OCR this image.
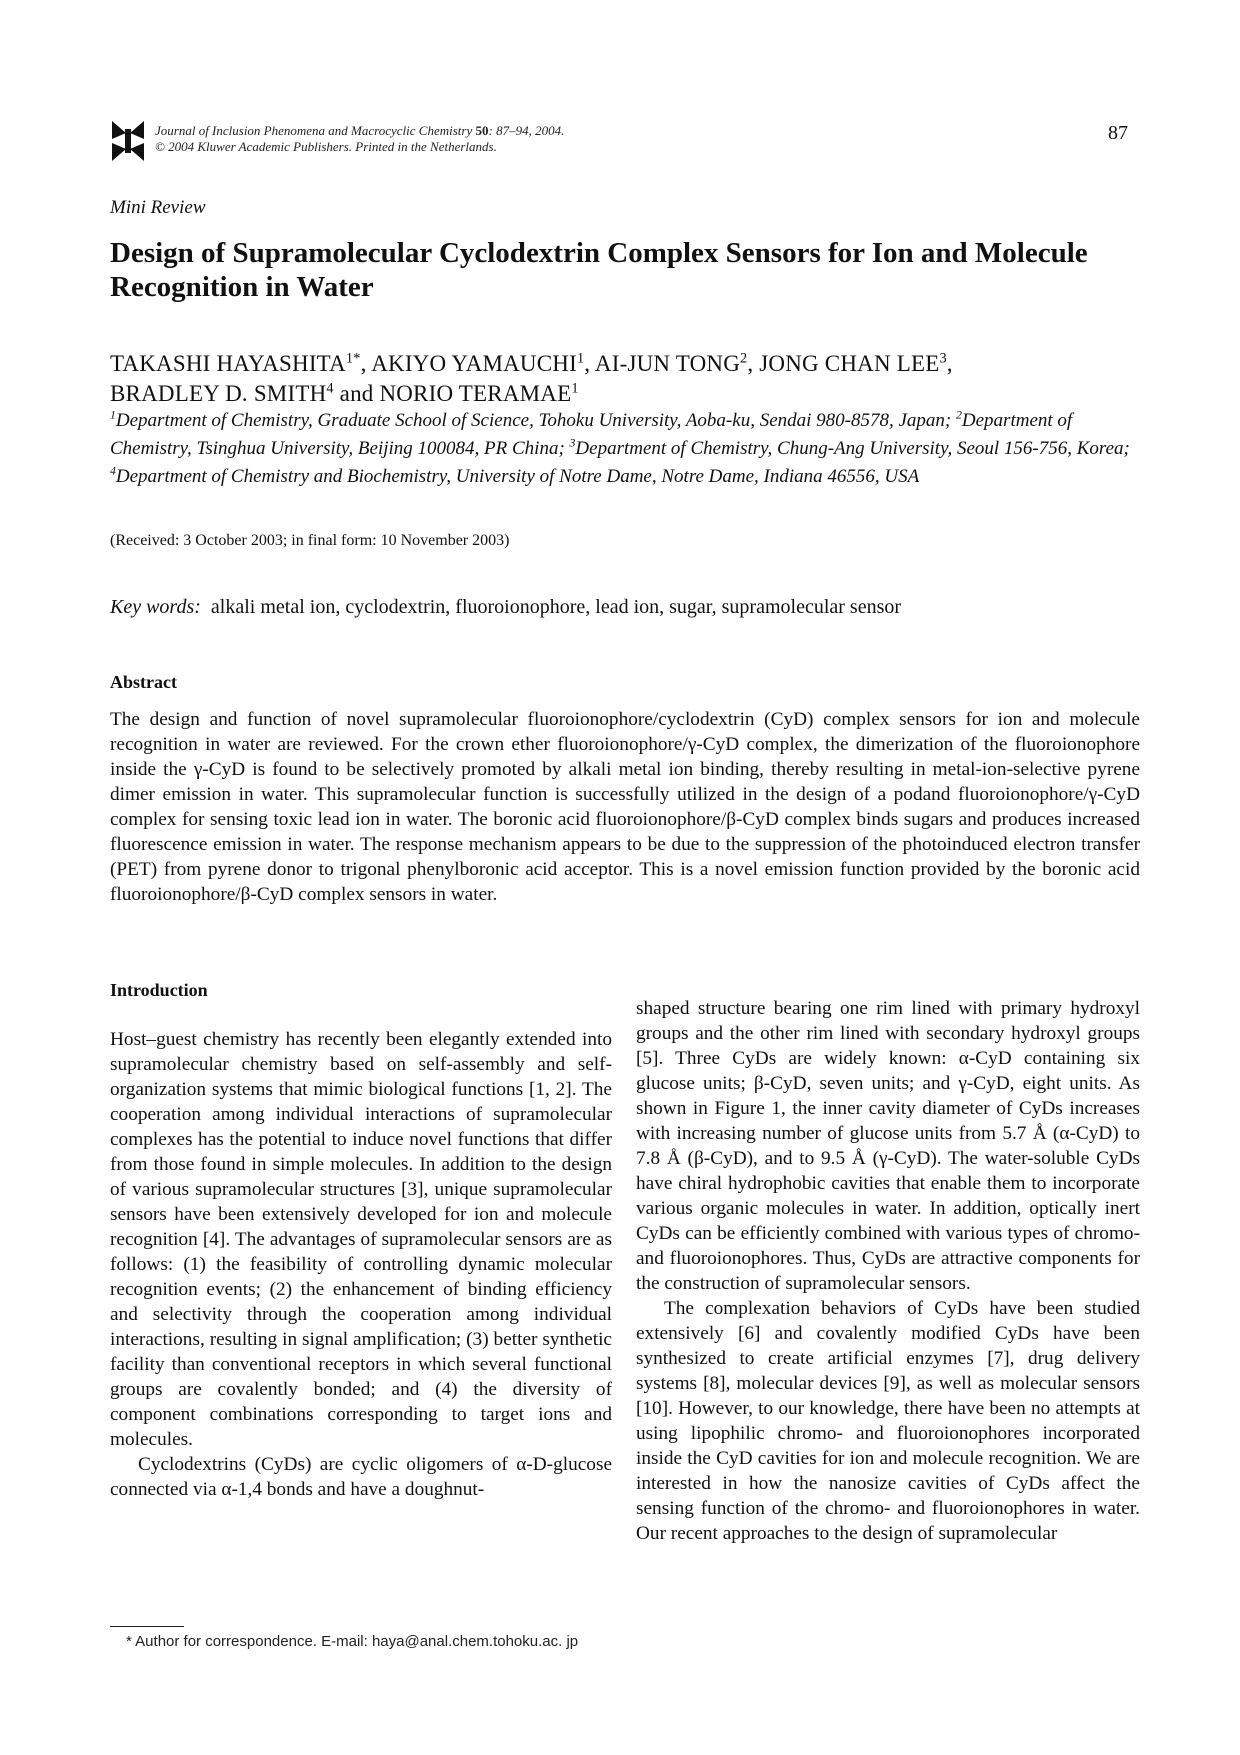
Journal of Inclusion Phenomena and Macrocyclic Chemistry 50: 87–94, 2004.
© 2004 Kluwer Academic Publishers. Printed in the Netherlands.
87
Mini Review
Design of Supramolecular Cyclodextrin Complex Sensors for Ion and Molecule Recognition in Water
TAKASHI $HAYASHITA^{1*}$, AKIYO YAMAUCHI$^1$, AI-JUN TONG$^2$, JONG CHAN LEE$^3$,
BRADLEY D. SMITH$^4$ and NORIO TERAMAE$^1$
$^1$Department of Chemistry, Graduate School of Science, Tohoku University, Aoba-ku, Sendai 980-8578, Japan; $^2$Department of Chemistry, Tsinghua University, Beijing 100084, PR China; $^3$Department of Chemistry, Chung-Ang University, Seoul 156-756, Korea; $^4$Department of Chemistry and Biochemistry, University of Notre Dame, Notre Dame, Indiana 46556, USA
(Received: 3 October 2003; in final form: 10 November 2003)
Key words: alkali metal ion, cyclodextrin, fluoroionophore, lead ion, sugar, supramolecular sensor
Abstract
The design and function of novel supramolecular fluoroionophore/cyclodextrin (CyD) complex sensors for ion and molecule recognition in water are reviewed. For the crown ether fluoroionophore/γ-CyD complex, the dimerization of the fluoroionophore inside the γ-CyD is found to be selectively promoted by alkali metal ion binding, thereby resulting in metal-ion-selective pyrene dimer emission in water. This supramolecular function is successfully utilized in the design of a podand fluoroionophore/γ-CyD complex for sensing toxic lead ion in water. The boronic acid fluoroionophore/β-CyD complex binds sugars and produces increased fluorescence emission in water. The response mechanism appears to be due to the suppression of the photoinduced electron transfer (PET) from pyrene donor to trigonal phenylboronic acid acceptor. This is a novel emission function provided by the boronic acid fluoroionophore/β-CyD complex sensors in water.
Introduction

Host–guest chemistry has recently been elegantly extended into supramolecular chemistry based on self-assembly and self-organization systems that mimic biological functions [1, 2]. The cooperation among individual interactions of supramolecular complexes has the potential to induce novel functions that differ from those found in simple molecules. In addition to the design of various supramolecular structures [3], unique supramolecular sensors have been extensively developed for ion and molecule recognition [4]. The advantages of supramolecular sensors are as follows: (1) the feasibility of controlling dynamic molecular recognition events; (2) the enhancement of binding efficiency and selectivity through the cooperation among individual interactions, resulting in signal amplification; (3) better synthetic facility than conventional receptors in which several functional groups are covalently bonded; and (4) the diversity of component combinations corresponding to target ions and molecules.

Cyclodextrins (CyDs) are cyclic oligomers of α-D-glucose connected via α-1,4 bonds and have a doughnut-

shaped structure bearing one rim lined with primary hydroxyl groups and the other rim lined with secondary hydroxyl groups [5]. Three CyDs are widely known: α-CyD containing six glucose units; β-CyD, seven units; and γ-CyD, eight units. As shown in Figure 1, the inner cavity diameter of CyDs increases with increasing number of glucose units from 5.7 Å (α-CyD) to 7.8 Å (β-CyD), and to 9.5 Å (γ-CyD). The water-soluble CyDs have chiral hydrophobic cavities that enable them to incorporate various organic molecules in water. In addition, optically inert CyDs can be efficiently combined with various types of chromo- and fluoroionophores. Thus, CyDs are attractive components for the construction of supramolecular sensors.

The complexation behaviors of CyDs have been studied extensively [6] and covalently modified CyDs have been synthesized to create artificial enzymes [7], drug delivery systems [8], molecular devices [9], as well as molecular sensors [10]. However, to our knowledge, there have been no attempts at using lipophilic chromo- and fluoroionophores incorporated inside the CyD cavities for ion and molecule recognition. We are interested in how the nanosize cavities of CyDs affect the sensing function of the chromo- and fluoroionophores in water. Our recent approaches to the design of supramolecular

* Author for correspondence. E-mail: haya@anal.chem.tohoku.ac. jp
